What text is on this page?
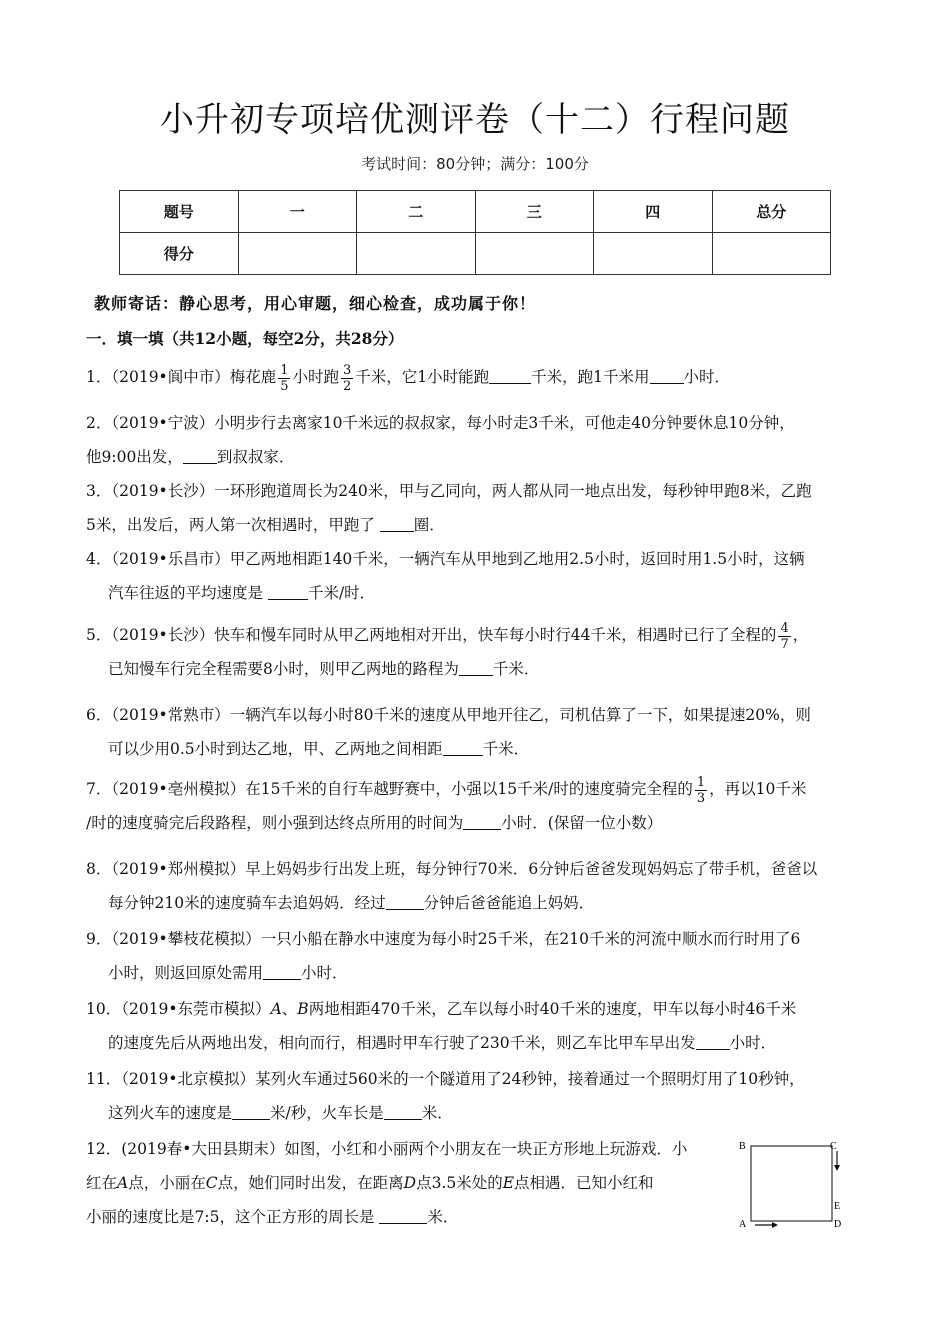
小升初专项培优测评卷（十二）行程问题
考试时间：80分钟；满分：100分
题号	一	二	三	四	总分
得分					
教师寄话：静心思考，用心审题，细心检查，成功属于你！
一．填一填（共12小题，每空2分，共28分）
1．（2019•阆中市）梅花鹿 $\frac{1}{5}$ 小时跑 $\frac{3}{2}$ 千米，它1小时能跑	千米，跑1千米用 小时．
2．（2019•宁波）小明步行去离家10千米远的叔叔家，每小时走3千米，可他走40分钟要休息10分钟，
他9:00出发， 到叔叔家．
3．（2019•长沙）一环形跑道周长为240米，甲与乙同向，两人都从同一地点出发，每秒钟甲跑8米，乙跑
5米，出发后，两人第一次相遇时，甲跑了 圈．
4．（2019•乐昌市）甲乙两地相距140千米，一辆汽车从甲地到乙地用2.5小时，返回时用1.5小时，这辆
汽车往返的平均速度是	千米/时．
5．（2019•长沙）快车和慢车同时从甲乙两地相对开出，快车每小时行44千米，相遇时已行了全程的 $\frac{4}{7}$ ，
已知慢车行完全程需要8小时，则甲乙两地的路程为 千米．
6．（2019•常熟市）一辆汽车以每小时80千米的速度从甲地开往乙，司机估算了一下，如果提速20%，则
可以少用0.5小时到达乙地，甲、乙两地之间相距	千米．
7．（2019•亳州模拟）在15千米的自行车越野赛中，小强以15千米/时的速度骑完全程的 $\frac{1}{3}$ ，再以10千米
/时的速度骑完后段路程，则小强到达终点所用的时间为 小时．(保留一位小数）
8．（2019•郑州模拟）早上妈妈步行出发上班，每分钟行70米．6分钟后爸爸发现妈妈忘了带手机，爸爸以
每分钟210米的速度骑车去追妈妈．经过 分钟后爸爸能追上妈妈．
9．（2019•攀枝花模拟）一只小船在静水中速度为每小时25千米，在210千米的河流中顺水而行时用了6
小时，则返回原处需用 小时．
10．（2019•东莞市模拟）A、B两地相距470千米，乙车以每小时40千米的速度，甲车以每小时46千米
的速度先后从两地出发，相向而行，相遇时甲车行驶了230千米，则乙车比甲车早出发 小时．
11．（2019•北京模拟）某列火车通过560米的一个隧道用了24秒钟，接着通过一个照明灯用了10秒钟，
这列火车的速度是 米/秒，火车长是 米．
12．(2019春•大田县期末）如图，小红和小丽两个小朋友在一块正方形地上玩游戏．小
红在A点，小丽在C点，她们同时出发，在距离D点3.5米处的E点相遇．已知小红和
小丽的速度比是7:5，这个正方形的周长是	米．
B	C
E
A	D
